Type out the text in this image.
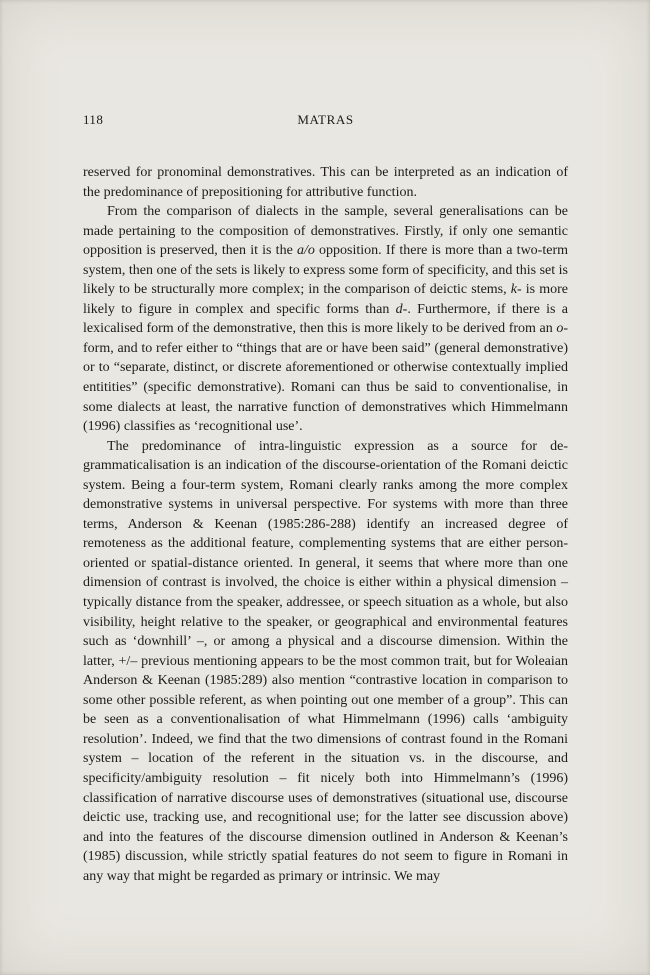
118	MATRAS

reserved for pronominal demonstratives. This can be interpreted as an indication of the predominance of prepositioning for attributive function.

From the comparison of dialects in the sample, several generalisations can be made pertaining to the composition of demonstratives. Firstly, if only one semantic opposition is preserved, then it is the a/o opposition. If there is more than a two-term system, then one of the sets is likely to express some form of specificity, and this set is likely to be structurally more complex; in the comparison of deictic stems, k- is more likely to figure in complex and specific forms than d-. Furthermore, if there is a lexicalised form of the demonstrative, then this is more likely to be derived from an o-form, and to refer either to “things that are or have been said” (general demonstrative) or to “separate, distinct, or discrete aforementioned or otherwise contextually implied entitities” (specific demonstrative). Romani can thus be said to conventionalise, in some dialects at least, the narrative function of demonstratives which Himmelmann (1996) classifies as ‘recognitional use’.

The predominance of intra-linguistic expression as a source for de-grammaticalisation is an indication of the discourse-orientation of the Romani deictic system. Being a four-term system, Romani clearly ranks among the more complex demonstrative systems in universal perspective. For systems with more than three terms, Anderson & Keenan (1985:286-288) identify an increased degree of remoteness as the additional feature, complementing systems that are either person-oriented or spatial-distance oriented. In general, it seems that where more than one dimension of contrast is involved, the choice is either within a physical dimension – typically distance from the speaker, addressee, or speech situation as a whole, but also visibility, height relative to the speaker, or geographical and environmental features such as ‘downhill’ –, or among a physical and a discourse dimension. Within the latter, +/– previous mentioning appears to be the most common trait, but for Woleaian Anderson & Keenan (1985:289) also mention “contrastive location in comparison to some other possible referent, as when pointing out one member of a group”. This can be seen as a conventionalisation of what Himmelmann (1996) calls ‘ambiguity resolution’. Indeed, we find that the two dimensions of contrast found in the Romani system – location of the referent in the situation vs. in the discourse, and specificity/ambiguity resolution – fit nicely both into Himmelmann’s (1996) classification of narrative discourse uses of demonstratives (situational use, discourse deictic use, tracking use, and recognitional use; for the latter see discussion above) and into the features of the discourse dimension outlined in Anderson & Keenan’s (1985) discussion, while strictly spatial features do not seem to figure in Romani in any way that might be regarded as primary or intrinsic. We may
